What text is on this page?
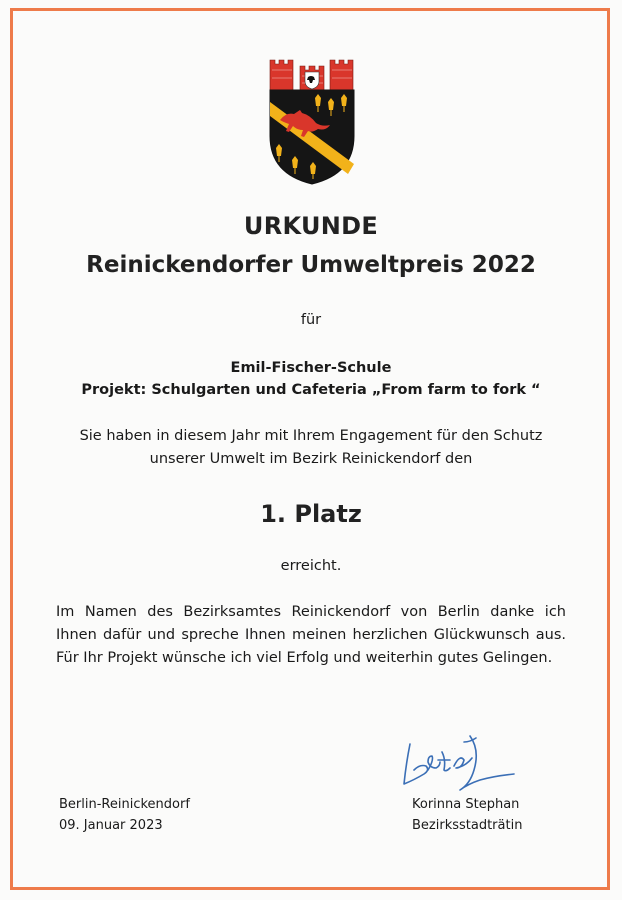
URKUNDE
Reinickendorfer Umweltpreis 2022
für
Emil-Fischer-Schule
Projekt: Schulgarten und Cafeteria „From farm to fork “
Sie haben in diesem Jahr mit Ihrem Engagement für den Schutz
unserer Umwelt im Bezirk Reinickendorf den
1. Platz
erreicht.
Im Namen des Bezirksamtes Reinickendorf von Berlin danke ich
Ihnen dafür und spreche Ihnen meinen herzlichen Glückwunsch aus.
Für Ihr Projekt wünsche ich viel Erfolg und weiterhin gutes Gelingen.
Berlin-Reinickendorf
09. Januar 2023
Korinna Stephan
Bezirksstadträtin
